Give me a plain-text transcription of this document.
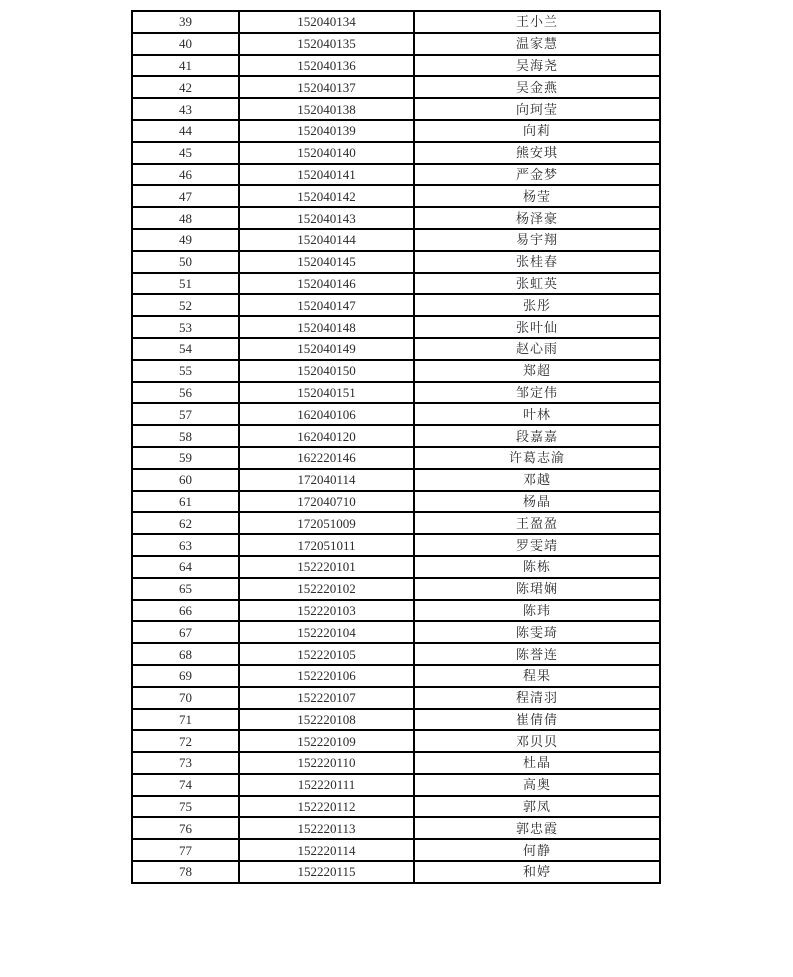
39	152040134	王小兰
40	152040135	温家慧
41	152040136	吴海尧
42	152040137	吴金燕
43	152040138	向珂莹
44	152040139	向莉
45	152040140	熊安琪
46	152040141	严金梦
47	152040142	杨莹
48	152040143	杨泽豪
49	152040144	易宇翔
50	152040145	张桂春
51	152040146	张虹英
52	152040147	张彤
53	152040148	张叶仙
54	152040149	赵心雨
55	152040150	郑超
56	152040151	邹定伟
57	162040106	叶林
58	162040120	段嘉嘉
59	162220146	许葛志渝
60	172040114	邓越
61	172040710	杨晶
62	172051009	王盈盈
63	172051011	罗雯靖
64	152220101	陈栋
65	152220102	陈珺娴
66	152220103	陈玮
67	152220104	陈雯琦
68	152220105	陈誉连
69	152220106	程果
70	152220107	程清羽
71	152220108	崔倩倩
72	152220109	邓贝贝
73	152220110	杜晶
74	152220111	高奥
75	152220112	郭凤
76	152220113	郭忠霞
77	152220114	何静
78	152220115	和婷
